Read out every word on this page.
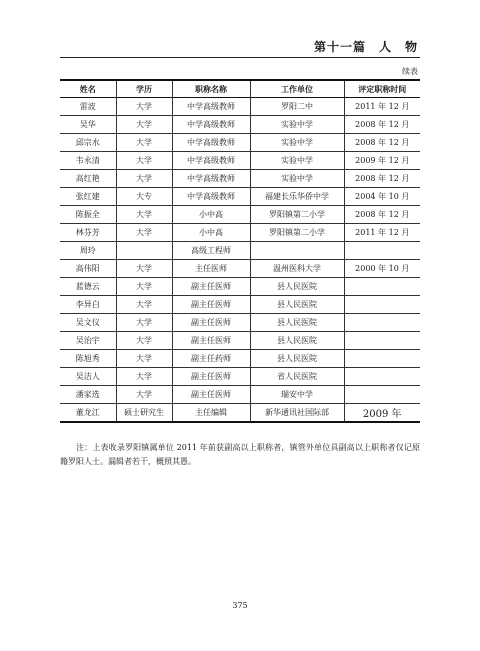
第十一篇　人　物
续表
姓名	学历	职称名称	工作单位	评定职称时间
雷波	大学	中学高级教师	罗阳二中	2011 年 12 月
吴华	大学	中学高级教师	实验中学	2008 年 12 月
邱宗水	大学	中学高级教师	实验中学	2008 年 12 月
韦永清	大学	中学高级教师	实验中学	2009 年 12 月
高红艳	大学	中学高级教师	实验中学	2008 年 12 月
张红建	大专	中学高级教师	福建长乐华侨中学	2004 年 10 月
陈振全	大学	小中高	罗阳镇第二小学	2008 年 12 月
林芬芳	大学	小中高	罗阳镇第二小学	2011 年 12 月
周玲		高级工程师		
高伟阳	大学	主任医师	温州医科大学	2000 年 10 月
蓝德云	大学	副主任医师	县人民医院	
李异白	大学	副主任医师	县人民医院	
吴文仪	大学	副主任医师	县人民医院	
吴治宇	大学	副主任医师	县人民医院	
陈旭秀	大学	副主任药师	县人民医院	
吴洁人	大学	副主任医师	省人民医院	
潘家选	大学	副主任医师	瑞安中学	
董龙江	硕士研究生	主任编辑	新华通讯社国际部	2009 年

注：上表收录罗阳镇属单位 2011 年前获副高以上职称者，镇管外单位具副高以上职称者仅记原籍罗阳人士。漏辑者若干，概照其愚。

375
